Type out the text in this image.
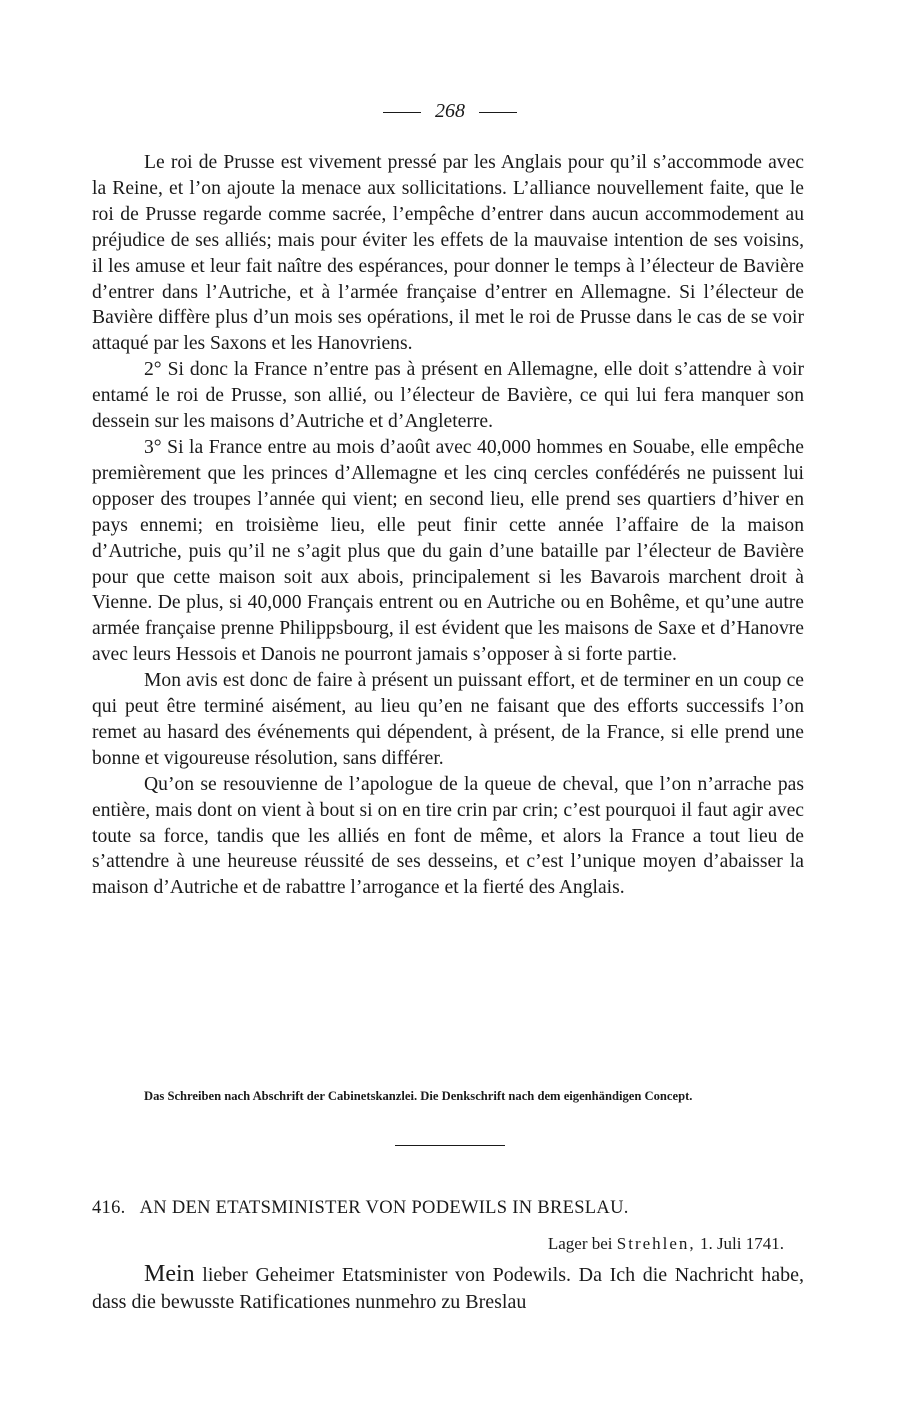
268

Le roi de Prusse est vivement pressé par les Anglais pour qu’il s’accommode avec la Reine, et l’on ajoute la menace aux sollicitations. L’alliance nouvellement faite, que le roi de Prusse regarde comme sacrée, l’empêche d’entrer dans aucun accommodement au préjudice de ses alliés; mais pour éviter les effets de la mauvaise intention de ses voisins, il les amuse et leur fait naître des espérances, pour donner le temps à l’électeur de Bavière d’entrer dans l’Autriche, et à l’armée française d’entrer en Allemagne. Si l’électeur de Bavière diffère plus d’un mois ses opérations, il met le roi de Prusse dans le cas de se voir attaqué par les Saxons et les Hanovriens.

2° Si donc la France n’entre pas à présent en Allemagne, elle doit s’attendre à voir entamé le roi de Prusse, son allié, ou l’électeur de Bavière, ce qui lui fera manquer son dessein sur les maisons d’Autriche et d’Angleterre.

3° Si la France entre au mois d’août avec 40,000 hommes en Souabe, elle empêche premièrement que les princes d’Allemagne et les cinq cercles confédérés ne puissent lui opposer des troupes l’année qui vient; en second lieu, elle prend ses quartiers d’hiver en pays ennemi; en troisième lieu, elle peut finir cette année l’affaire de la maison d’Autriche, puis qu’il ne s’agit plus que du gain d’une bataille par l’électeur de Bavière pour que cette maison soit aux abois, principalement si les Bavarois marchent droit à Vienne. De plus, si 40,000 Français entrent ou en Autriche ou en Bohême, et qu’une autre armée française prenne Philippsbourg, il est évident que les maisons de Saxe et d’Hanovre avec leurs Hessois et Danois ne pourront jamais s’opposer à si forte partie.

Mon avis est donc de faire à présent un puissant effort, et de terminer en un coup ce qui peut être terminé aisément, au lieu qu’en ne faisant que des efforts successifs l’on remet au hasard des événements qui dépendent, à présent, de la France, si elle prend une bonne et vigoureuse résolution, sans différer.

Qu’on se resouvienne de l’apologue de la queue de cheval, que l’on n’arrache pas entière, mais dont on vient à bout si on en tire crin par crin; c’est pourquoi il faut agir avec toute sa force, tandis que les alliés en font de même, et alors la France a tout lieu de s’attendre à une heureuse réussité de ses desseins, et c’est l’unique moyen d’abaisser la maison d’Autriche et de rabattre l’arrogance et la fierté des Anglais.

Das Schreiben nach Abschrift der Cabinetskanzlei. Die Denkschrift nach dem eigenhändigen Concept.
416. AN DEN ETATSMINISTER VON PODEWILS IN BRESLAU.
Lager bei Strehlen, 1. Juli 1741.

Mein lieber Geheimer Etatsminister von Podewils. Da Ich die Nachricht habe, dass die bewusste Ratificationes nunmehro zu Breslau
